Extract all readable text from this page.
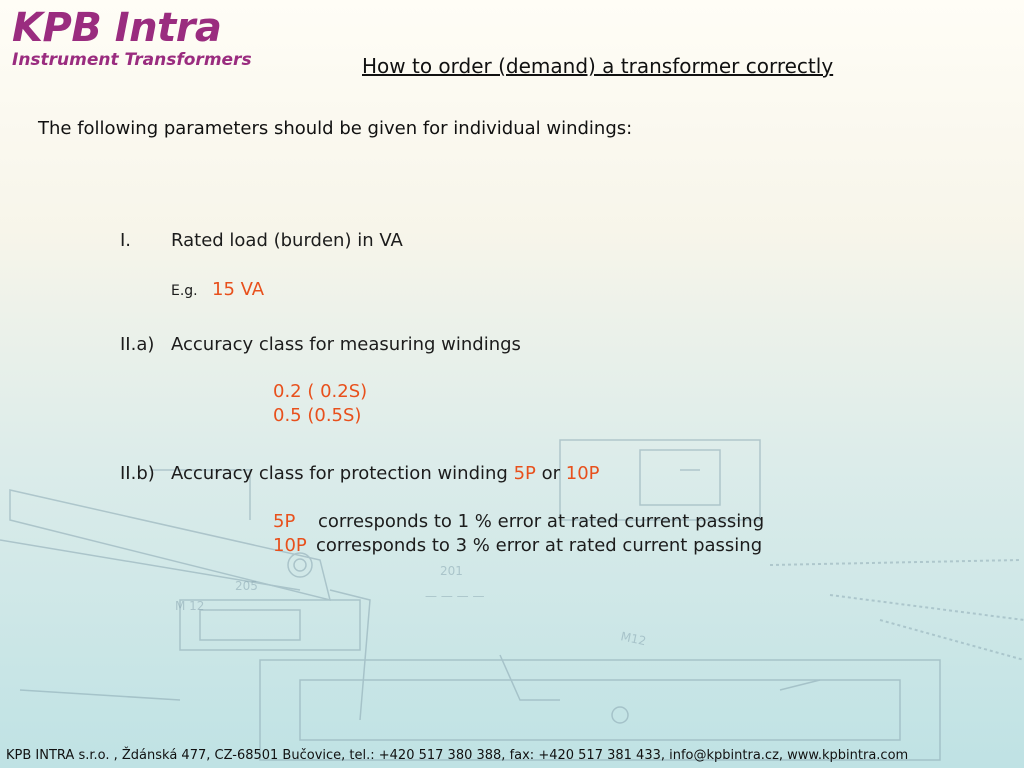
M 12
M12
205
— — — —
201
KPB Intra
Instrument Transformers	How to order (demand) a transformer correctly
The following parameters should be given for individual windings:
I. Rated load (burden) in VA
E.g. 15 VA
II.a) Accuracy class for measuring windings
0.2 ( 0.2S)
0.5 (0.5S)
II.b) Accuracy class for protection winding 5P or 10P
5P corresponds to 1 % error at rated current passing
10P corresponds to 3 % error at rated current passing
KPB INTRA s.r.o. , Ždánská 477, CZ-68501 Bučovice, tel.: +420 517 380 388, fax: +420 517 381 433, info@kpbintra.cz, www.kpbintra.com
